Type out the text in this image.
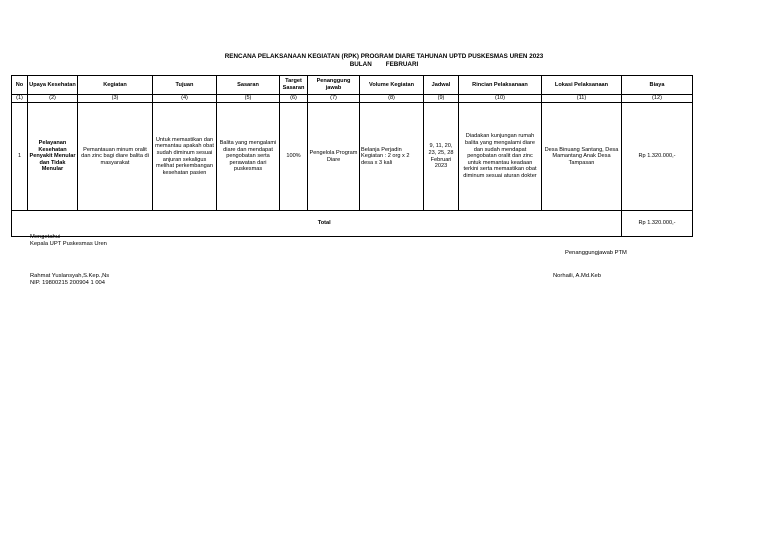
RENCANA PELAKSANAAN KEGIATAN (RPK) PROGRAM DIARE TAHUNAN UPTD PUSKESMAS UREN 2023
BULAN        FEBRUARI
No	Upaya Kesehatan	Kegiatan	Tujuan	Sasaran	Target Sasaran	Penanggung jawab	Volume Kegiatan	Jadwal	Rincian Pelaksanaan	Lokasi Pelaksanaan	Biaya
(1)	(2)	(3)	(4)	(5)	(6)	(7)	(8)	(9)	(10)	(11)	(12)
1	Pelayanan Kesehatan Penyakit Menular dan Tidak Menular	Pemantauan minum oralit dan zinc bagi diare balita di masyarakat	Untuk memastikan dan memantau apakah obat sudah diminum sesuai anjuran sekaligus melihat perkembangan kesehatan pasien	Balita yang mengalami diare dan mendapat pengobatan serta perawatan dari puskesmas	100%	Pengelola Program Diare	Belanja Perjadin Kegiatan : 2 org x 2 desa x 3 kali	9, 11, 20, 23, 25, 28 Februari 2023	Diadakan kunjungan rumah balita yang mengalami diare dan sudah mendapat pengobatan oralit dan zinc untuk memantau keadaan terkini serta memastikan obat diminum sesuai aturan dokter	Desa Binuang Santang, Desa Mamantang Anak Desa Tampasan	Rp 1.320.000,-
	Total										Rp 1.320.000,-
Mengetahui
Kepala UPT Puskesmas Uren
Rahmat Yuslansyah,S.Kep.,Ns
NIP. 19800215 200904 1 004
Penanggungjawab PTM
Norhaili, A.Md.Keb
